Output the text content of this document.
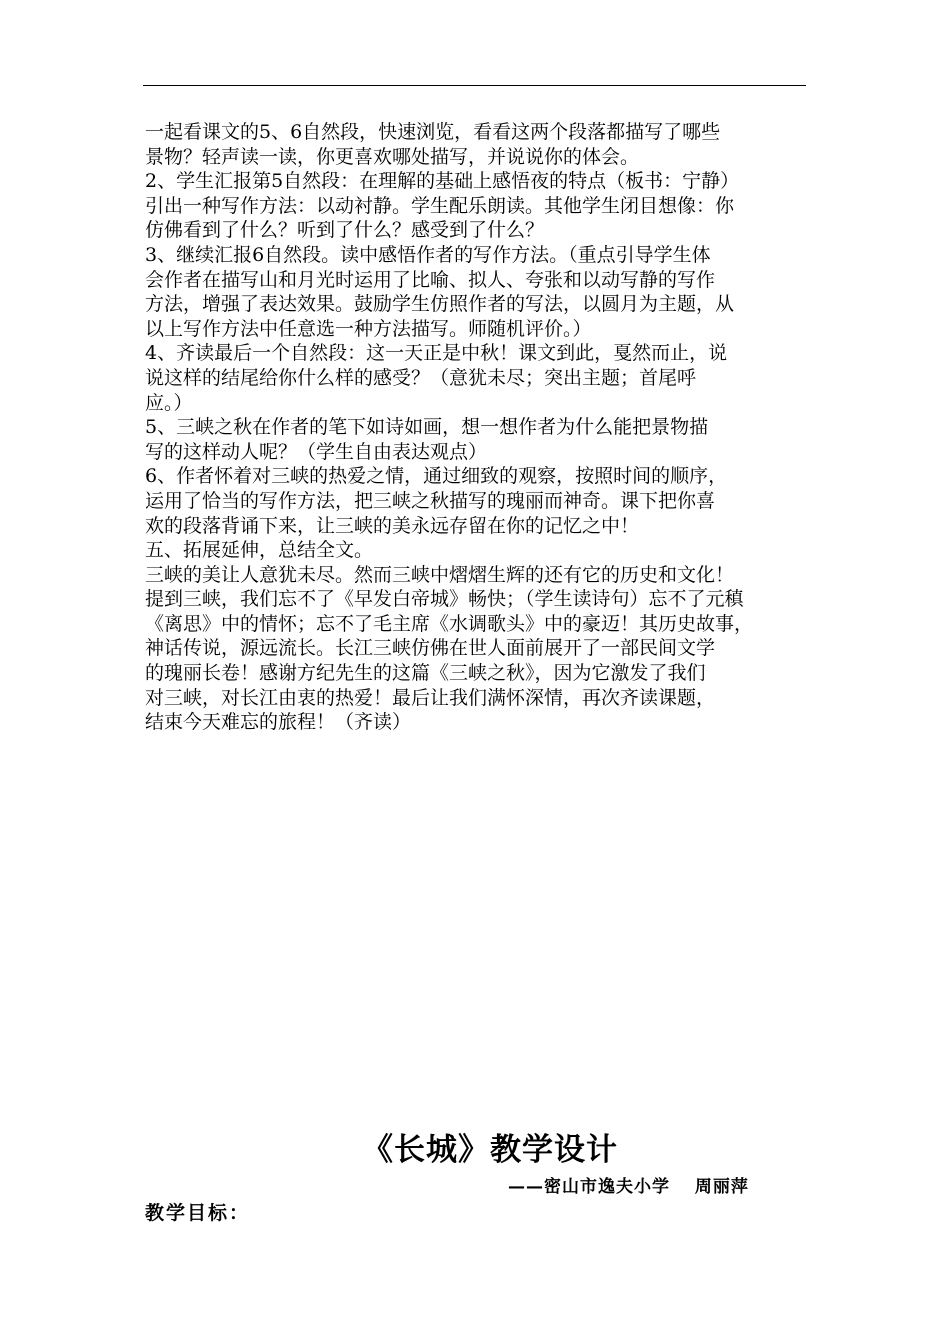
一起看课文的5、6自然段，快速浏览，看看这两个段落都描写了哪些
景物？轻声读一读，你更喜欢哪处描写，并说说你的体会。
2、学生汇报第5自然段：在理解的基础上感悟夜的特点（板书：宁静）
引出一种写作方法：以动衬静。学生配乐朗读。其他学生闭目想像：你
仿佛看到了什么？听到了什么？感受到了什么？
3、继续汇报6自然段。读中感悟作者的写作方法。（重点引导学生体
会作者在描写山和月光时运用了比喻、拟人、夸张和以动写静的写作
方法，增强了表达效果。鼓励学生仿照作者的写法，以圆月为主题，从
以上写作方法中任意选一种方法描写。师随机评价。）
4、齐读最后一个自然段：这一天正是中秋！课文到此，戛然而止，说
说这样的结尾给你什么样的感受？（意犹未尽；突出主题；首尾呼
应。）
5、三峡之秋在作者的笔下如诗如画，想一想作者为什么能把景物描
写的这样动人呢？（学生自由表达观点）
6、作者怀着对三峡的热爱之情，通过细致的观察，按照时间的顺序，
运用了恰当的写作方法，把三峡之秋描写的瑰丽而神奇。课下把你喜
欢的段落背诵下来，让三峡的美永远存留在你的记忆之中！
五、拓展延伸，总结全文。
三峡的美让人意犹未尽。然而三峡中熠熠生辉的还有它的历史和文化！
提到三峡，我们忘不了《早发白帝城》畅快；（学生读诗句）忘不了元稹
《离思》中的情怀；忘不了毛主席《水调歌头》中的豪迈！其历史故事，
神话传说，源远流长。长江三峡仿佛在世人面前展开了一部民间文学
的瑰丽长卷！感谢方纪先生的这篇《三峡之秋》，因为它激发了我们
对三峡，对长江由衷的热爱！最后让我们满怀深情，再次齐读课题，
结束今天难忘的旅程！（齐读）
《长城》教学设计
——密山市逸夫小学　 周丽萍
教学目标：
